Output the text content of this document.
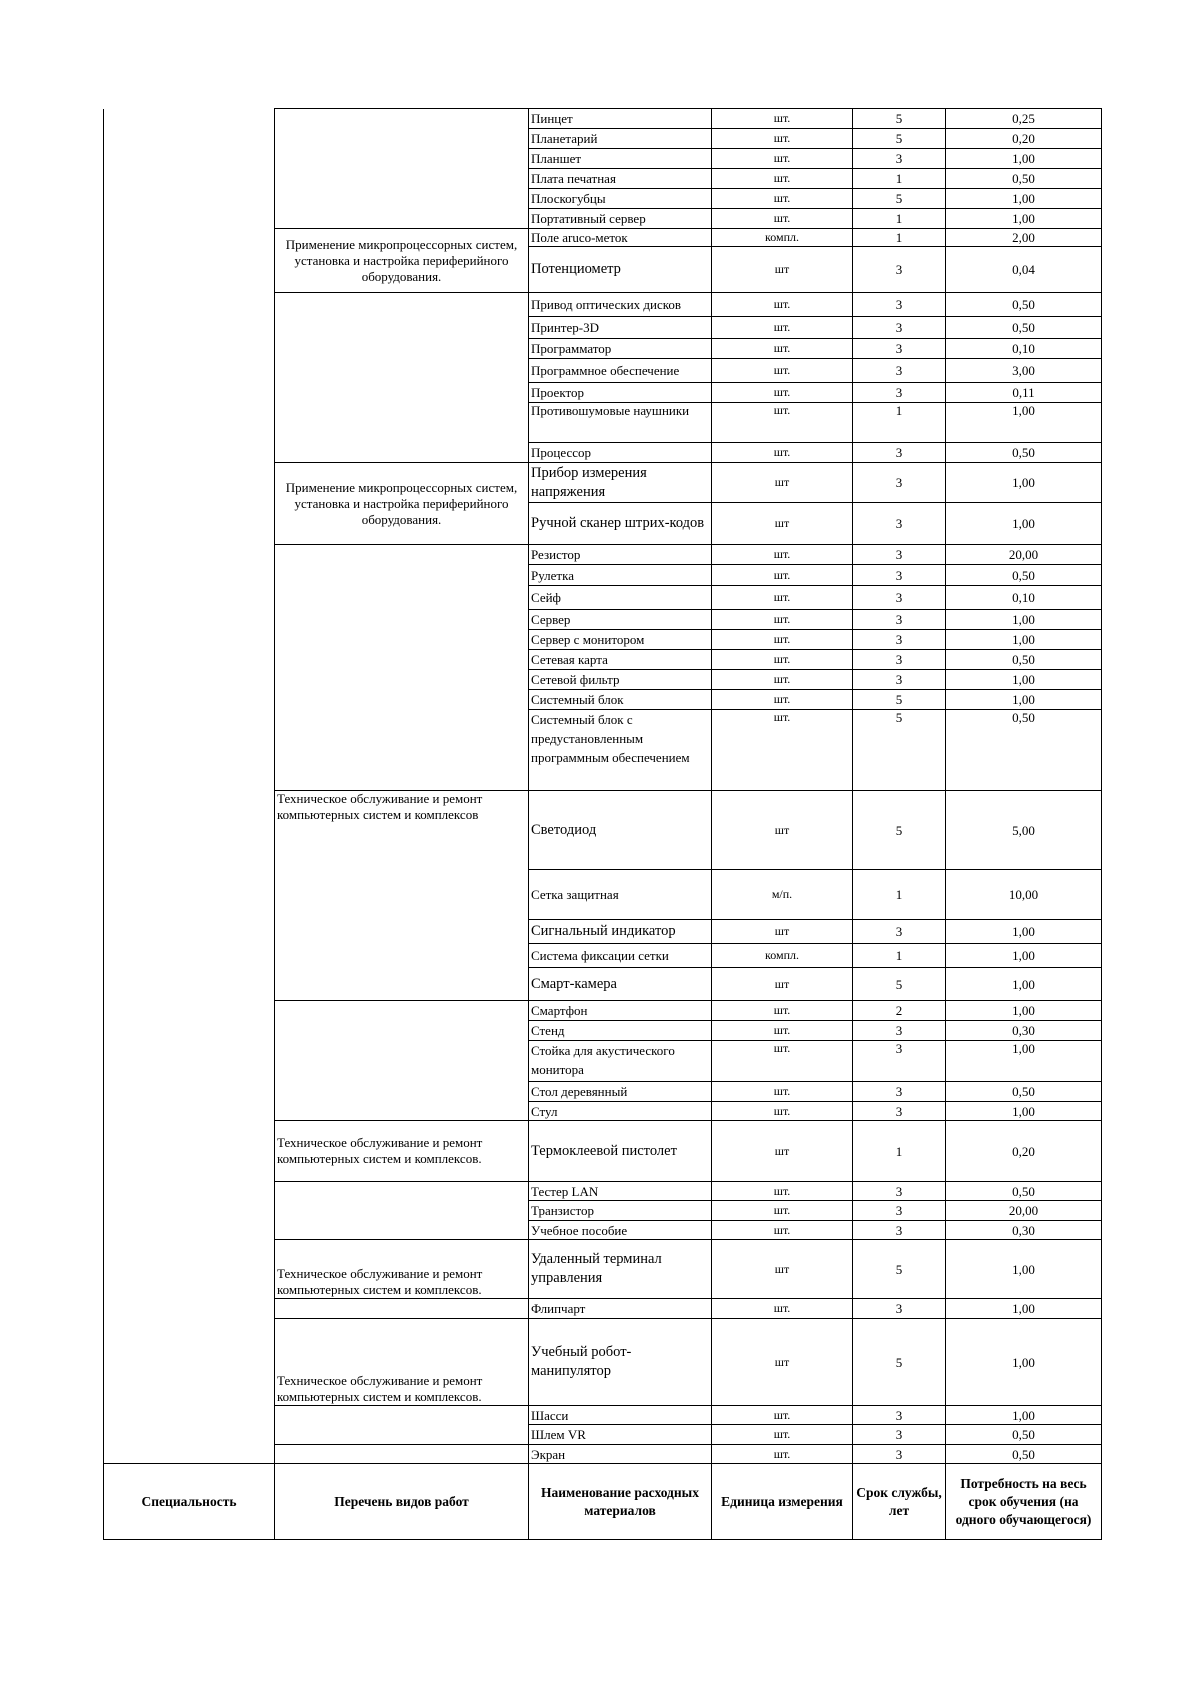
		Пинцет	шт.	5	0,25
		Планетарий	шт.	5	0,20
		Планшет	шт.	3	1,00
		Плата печатная	шт.	1	0,50
		Плоскогубцы	шт.	5	1,00
		Портативный сервер	шт.	1	1,00
	Применение микропроцессорных систем, установка и настройка периферийного оборудования.	Поле aruco-меток	компл.	1	2,00
		Потенциометр	шт	3	0,04
		Привод оптических дисков	шт.	3	0,50
		Принтер-3D	шт.	3	0,50
		Программатор	шт.	3	0,10
		Программное обеспечение	шт.	3	3,00
		Проектор	шт.	3	0,11
		Противошумовые наушники	шт.	1	1,00
		Процессор	шт.	3	0,50
	Применение микропроцессорных систем, установка и настройка периферийного оборудования.	Прибор измерения напряжения	шт	3	1,00
		Ручной сканер штрих-кодов	шт	3	1,00
		Резистор	шт.	3	20,00
		Рулетка	шт.	3	0,50
		Сейф	шт.	3	0,10
		Сервер	шт.	3	1,00
		Сервер с монитором	шт.	3	1,00
		Сетевая карта	шт.	3	0,50
		Сетевой фильтр	шт.	3	1,00
		Системный блок	шт.	5	1,00
		Системный блок с предустановленным программным обеспечением	шт.	5	0,50
	Техническое обслуживание и ремонт компьютерных систем и комплексов	Светодиод	шт	5	5,00
		Сетка защитная	м/п.	1	10,00
		Сигнальный индикатор	шт	3	1,00
		Система фиксации сетки	компл.	1	1,00
		Смарт-камера	шт	5	1,00
		Смартфон	шт.	2	1,00
		Стенд	шт.	3	0,30
		Стойка для акустического монитора	шт.	3	1,00
		Стол деревянный	шт.	3	0,50
		Стул	шт.	3	1,00
	Техническое обслуживание и ремонт компьютерных систем и комплексов.	Термоклеевой пистолет	шт	1	0,20
		Тестер LAN	шт.	3	0,50
		Транзистор	шт.	3	20,00
		Учебное пособие	шт.	3	0,30
	Техническое обслуживание и ремонт компьютерных систем и комплексов.	Удаленный терминал управления	шт	5	1,00
		Флипчарт	шт.	3	1,00
	Техническое обслуживание и ремонт компьютерных систем и комплексов.	Учебный робот-манипулятор	шт	5	1,00
		Шасси	шт.	3	1,00
		Шлем VR	шт.	3	0,50
		Экран	шт.	3	0,50
Специальность	Перечень видов работ	Наименование расходных материалов	Единица измерения	Срок службы, лет	Потребность на весь срок обучения (на одного обучающегося)
